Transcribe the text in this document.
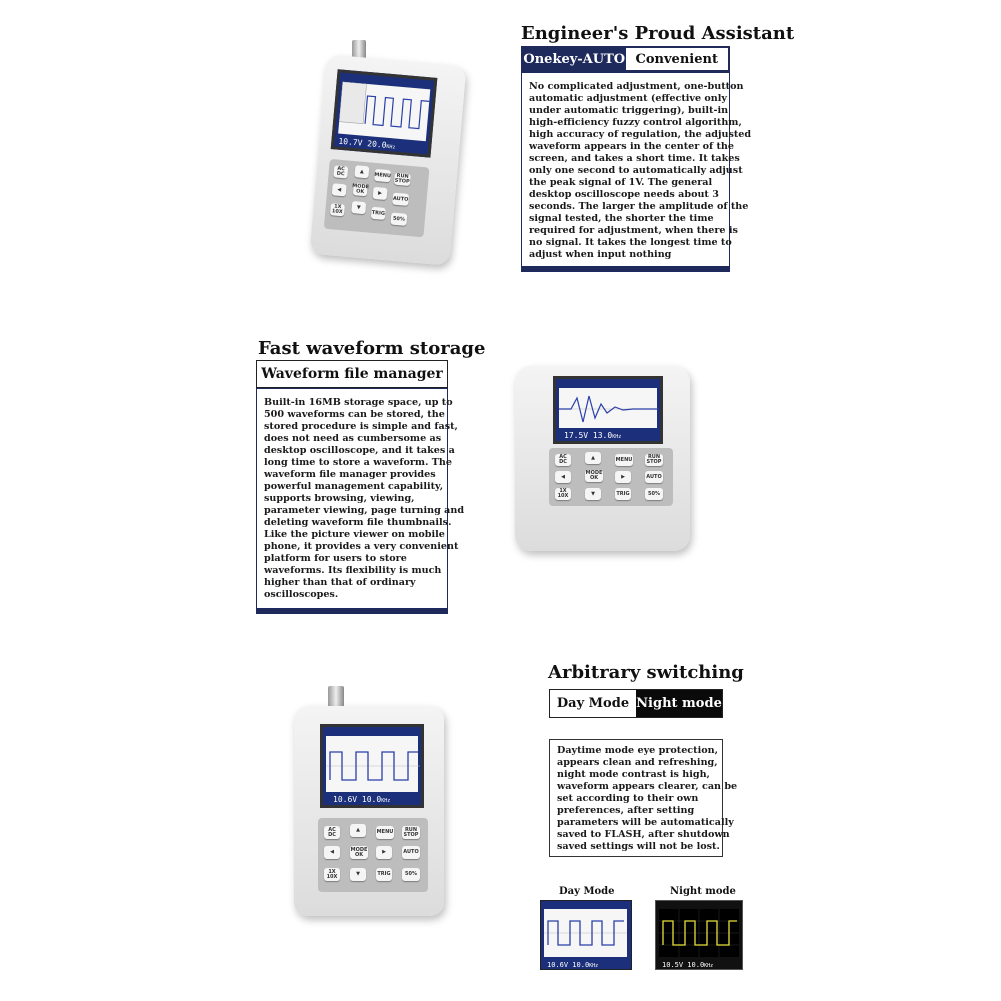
Engineer's Proud Assistant
Onekey-AUTO Convenient
No complicated adjustment, one-button
automatic adjustment (effective only
under automatic triggering), built-in
high-efficiency fuzzy control algorithm,
high accuracy of regulation, the adjusted
waveform appears in the center of the
screen, and takes a short time. It takes
only one second to automatically adjust
the peak signal of 1V. The general
desktop oscilloscope needs about 3
seconds. The larger the amplitude of the
signal tested, the shorter the time
required for adjustment, when there is
no signal. It takes the longest time to
adjust when input nothing
10.7V 20.0KHz
AC DC	▲
MENU	RUN STOP
◀	MODE OK	▶
AUTO
1X 10X
▼
TRIG
50%
Fast waveform storage
Waveform file manager
Built-in 16MB storage space, up to
500 waveforms can be stored, the
stored procedure is simple and fast,
does not need as cumbersome as
desktop oscilloscope, and it takes a
long time to store a waveform. The
waveform file manager provides
powerful management capability,
supports browsing, viewing,
parameter viewing, page turning and
deleting waveform file thumbnails.
Like the picture viewer on mobile
phone, it provides a very convenient
platform for users to store
waveforms. Its flexibility is much
higher than that of ordinary
oscilloscopes.
17.5V 13.0KHz
AC DC
▲	MENU	RUN STOP
◀
MODE OK	▶	AUTO
1X 10X	▼	TRIG	50%
Arbitrary switching
Day Mode Night mode
Daytime mode eye protection,
appears clean and refreshing,
night mode contrast is high,
waveform appears clearer, can be
set according to their own
preferences, after setting
parameters will be automatically
saved to FLASH, after shutdown
saved settings will not be lost.
Day Mode	Night mode
10.6V 10.0KHz	10.5V 10.0KHz
10.6V 10.0KHz
AC DC
▲	MENU	RUN STOP
◀	MODE OK	▶	AUTO
1X 10X	▼	TRIG	50%
